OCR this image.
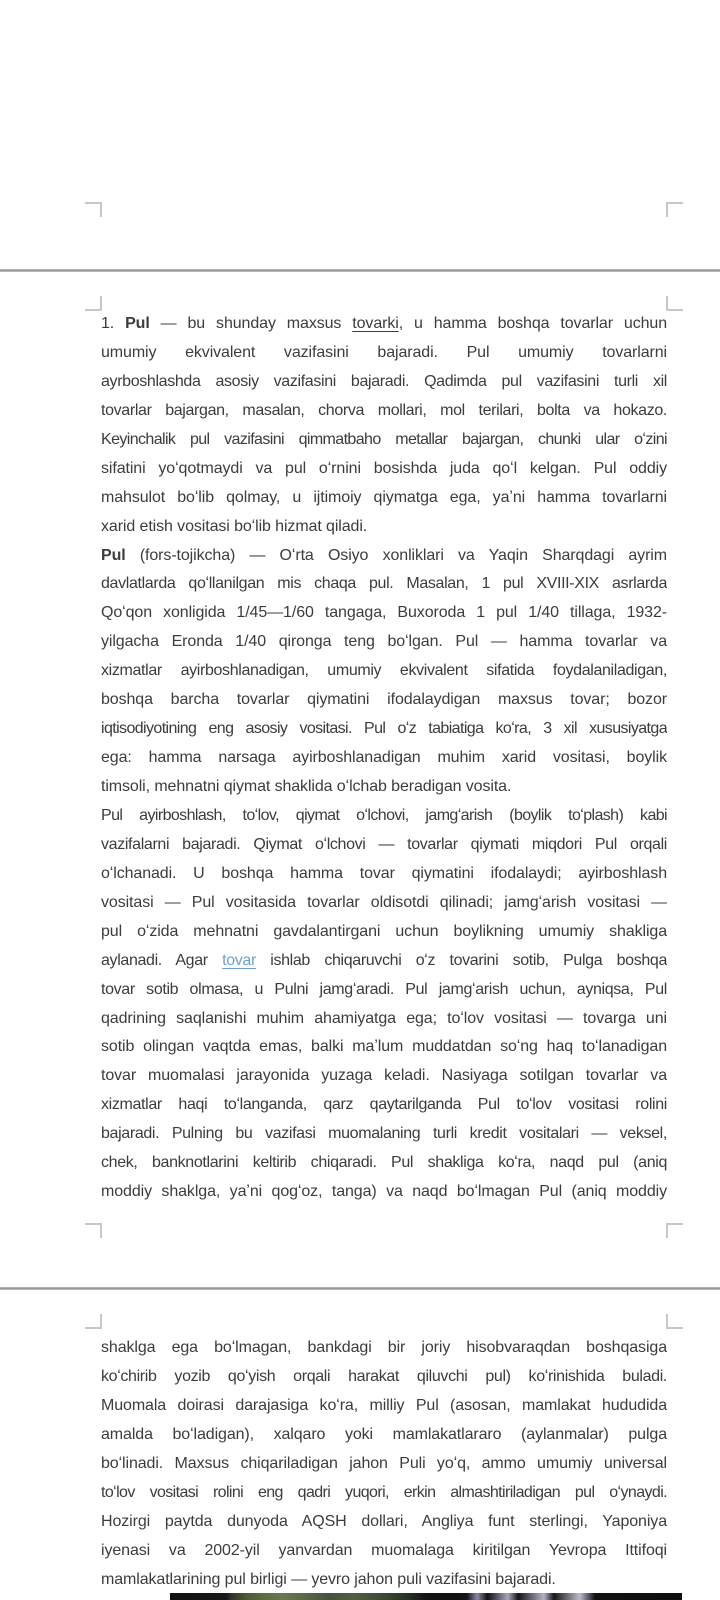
1. Pul — bu shunday maxsus tovarki, u hamma boshqa tovarlar uchun
umumiy ekvivalent vazifasini bajaradi. Pul umumiy tovarlarni
ayrboshlashda asosiy vazifasini bajaradi. Qadimda pul vazifasini turli xil
tovarlar bajargan, masalan, chorva mollari, mol terilari, bolta va hokazo.
Keyinchalik pul vazifasini qimmatbaho metallar bajargan, chunki ular oʻzini
sifatini yoʻqotmaydi va pul oʻrnini bosishda juda qoʻl kelgan. Pul oddiy
mahsulot boʻlib qolmay, u ijtimoiy qiymatga ega, yaʼni hamma tovarlarni
xarid etish vositasi boʻlib hizmat qiladi.
Pul (fors-tojikcha) — Oʻrta Osiyo xonliklari va Yaqin Sharqdagi ayrim
davlatlarda qoʻllanilgan mis chaqa pul. Masalan, 1 pul XVIII-XIX asrlarda
Qoʻqon xonligida 1/45—1/60 tangaga, Buxoroda 1 pul 1/40 tillaga, 1932-
yilgacha Eronda 1/40 qironga teng boʻlgan. Pul — hamma tovarlar va
xizmatlar ayirboshlanadigan, umumiy ekvivalent sifatida foydalaniladigan,
boshqa barcha tovarlar qiymatini ifodalaydigan maxsus tovar; bozor
iqtisodiyotining eng asosiy vositasi. Pul oʻz tabiatiga koʻra, 3 xil xususiyatga
ega: hamma narsaga ayirboshlanadigan muhim xarid vositasi, boylik
timsoli, mehnatni qiymat shaklida oʻlchab beradigan vosita.
Pul ayirboshlash, toʻlov, qiymat oʻlchovi, jamgʻarish (boylik toʻplash) kabi
vazifalarni bajaradi. Qiymat oʻlchovi — tovarlar qiymati miqdori Pul orqali
oʻlchanadi. U boshqa hamma tovar qiymatini ifodalaydi; ayirboshlash
vositasi — Pul vositasida tovarlar oldisotdi qilinadi; jamgʻarish vositasi —
pul oʻzida mehnatni gavdalantirgani uchun boylikning umumiy shakliga
aylanadi. Agar tovar ishlab chiqaruvchi oʻz tovarini sotib, Pulga boshqa
tovar sotib olmasa, u Pulni jamgʻaradi. Pul jamgʻarish uchun, ayniqsa, Pul
qadrining saqlanishi muhim ahamiyatga ega; toʻlov vositasi — tovarga uni
sotib olingan vaqtda emas, balki maʼlum muddatdan soʻng haq toʻlanadigan
tovar muomalasi jarayonida yuzaga keladi. Nasiyaga sotilgan tovarlar va
xizmatlar haqi toʻlanganda, qarz qaytarilganda Pul toʻlov vositasi rolini
bajaradi. Pulning bu vazifasi muomalaning turli kredit vositalari — veksel,
chek, banknotlarini keltirib chiqaradi. Pul shakliga koʻra, naqd pul (aniq
moddiy shaklga, yaʼni qogʻoz, tanga) va naqd boʻlmagan Pul (aniq moddiy
shaklga ega boʻlmagan, bankdagi bir joriy hisobvaraqdan boshqasiga
koʻchirib yozib qoʻyish orqali harakat qiluvchi pul) koʻrinishida buladi.
Muomala doirasi darajasiga koʻra, milliy Pul (asosan, mamlakat hududida
amalda boʻladigan), xalqaro yoki mamlakatlararo (aylanmalar) pulga
boʻlinadi. Maxsus chiqariladigan jahon Puli yoʻq, ammo umumiy universal
toʻlov vositasi rolini eng qadri yuqori, erkin almashtiriladigan pul oʻynaydi.
Hozirgi paytda dunyoda AQSH dollari, Angliya funt sterlingi, Yaponiya
iyenasi va 2002-yil yanvardan muomalaga kiritilgan Yevropa Ittifoqi
mamlakatlarining pul birligi — yevro jahon puli vazifasini bajaradi.
